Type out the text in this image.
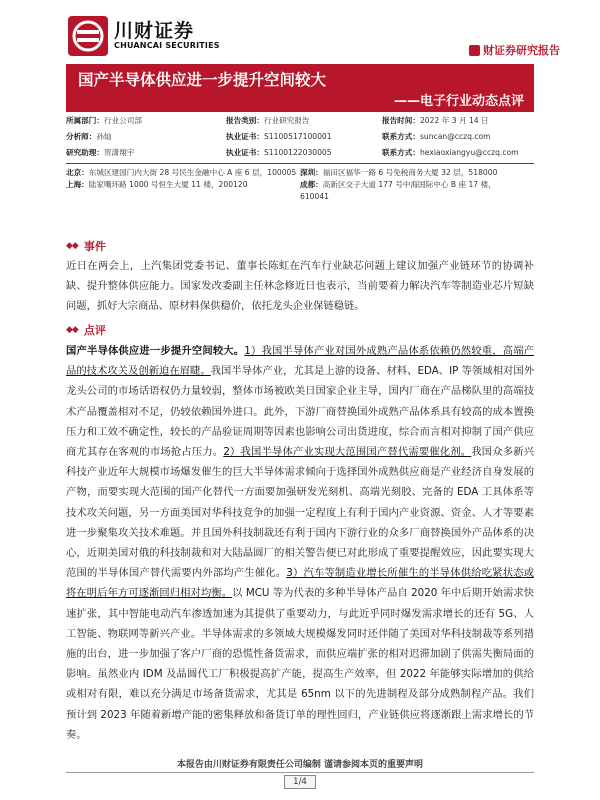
川财证券
CHUANCAI SECURITIES	财证券研究报告
国产半导体供应进一步提升空间较大
——电子行业动态点评
所属部门：行业公司部	报告类别：行业研究报告	报告时间：2022 年 3 月 14 日
分析师：孙灿	执业证书：S1100517100001	联系方式：suncan@cczq.com
研究助理：贺潇翔宇	执业证书：S1100122030005	联系方式：hexiaoxiangyu@cczq.com
北京：东城区建国门内大街 28 号民生金融中心 A 座 6 层，100005 深圳：福田区福华一路 6 号免税商务大厦 32 层，518000
上海：陆家嘴环路 1000 号恒生大厦 11 楼，200120	成都：高新区交子大道 177 号中海国际中心 B 座 17 楼，
610041
◆◆ 事件
近日在两会上，上汽集团党委书记、董事长陈虹在汽车行业缺芯问题上建议加强产业链环节的协调补缺、提升整体供应能力。国家发改委副主任林念修近日也表示，当前要着力解决汽车等制造业芯片短缺问题，抓好大宗商品、原材料保供稳价，依托龙头企业保链稳链。
◆◆ 点评
国产半导体供应进一步提升空间较大。1）我国半导体产业对国外成熟产品体系依赖仍然较重，高端产品的技术攻关及创新迫在眉睫。我国半导体产业，尤其是上游的设备、材料、EDA、IP 等领域相对国外龙头公司的市场话语权仍力量较弱，整体市场被欧美日国家企业主导，国内厂商在产品梯队里的高端技术产品覆盖相对不足，仍较依赖国外进口。此外，下游厂商替换国外成熟产品体系具有较高的成本置换压力和工效不确定性，较长的产品验证周期等因素也影响公司出货进度，综合而言相对抑制了国产供应商尤其存在客观的市场抢占压力。2）我国半导体产业实现大范围国产替代需要催化剂。我国众多新兴科技产业近年大规模市场爆发催生的巨大半导体需求倾向于选择国外成熟供应商是产业经济自身发展的产物，而要实现大范围的国产化替代一方面要加强研发光刻机、高端光刻胶、完备的 EDA 工具体系等技术攻关问题，另一方面美国对华科技竞争的加强一定程度上有利于国内产业资源、资金、人才等要素进一步聚集攻关技术难题。并且国外科技制裁还有利于国内下游行业的众多厂商替换国外产品体系的决心，近期美国对俄的科技制裁和对大陆晶圆厂的相关警告便已对此形成了重要提醒效应，因此要实现大范围的半导体国产替代需要内外部均产生催化。3）汽车等制造业增长所催生的半导体供给吃紧状态或将在明后年方可逐渐回归相对均衡。以 MCU 等为代表的多种半导体产品自 2020 年中后期开始需求快速扩张，其中智能电动汽车渗透加速为其提供了重要动力，与此近乎同时爆发需求增长的还有 5G、人工智能、物联网等新兴产业。半导体需求的多领域大规模爆发同时还伴随了美国对华科技制裁等系列措施的出台，进一步加强了客户厂商的恐慌性备货需求，而供应端扩张的相对迟滞加剧了供需失衡局面的影响。虽然业内 IDM 及晶圆代工厂积极提高扩产能，提高生产效率，但 2022 年能够实际增加的供给或相对有限，难以充分满足市场备货需求，尤其是 65nm 以下的先进制程及部分成熟制程产品。我们预计到 2023 年随着新增产能的密集释放和备货订单的理性回归，产业链供应将逐渐跟上需求增长的节奏。
本报告由川财证券有限责任公司编制 谨请参阅本页的重要声明
1/4
